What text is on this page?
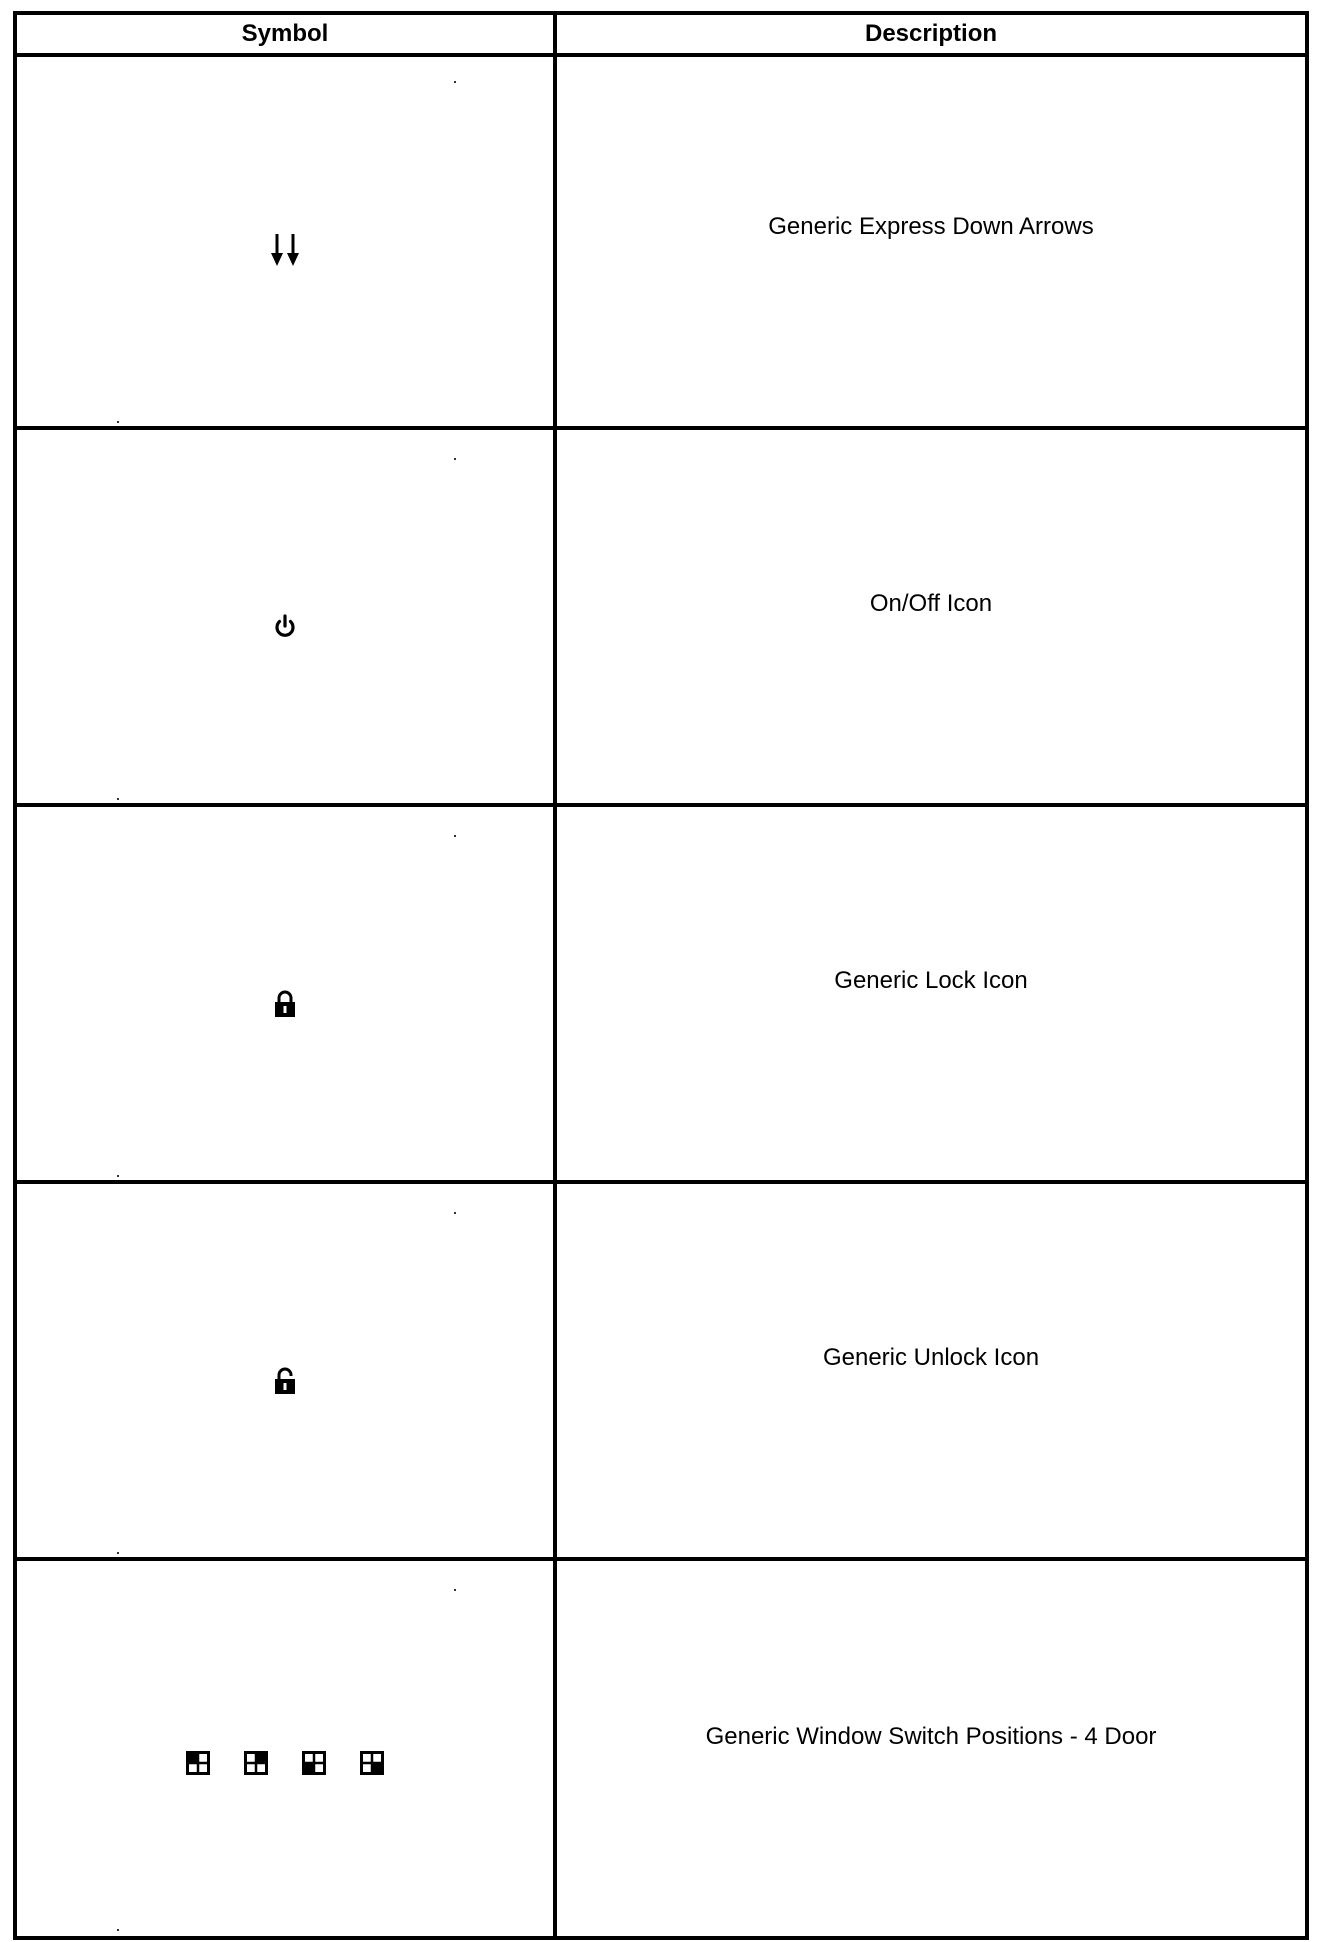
Symbol	Description
Generic Express Down Arrows
On/Off Icon
Generic Lock Icon
Generic Unlock Icon
Generic Window Switch Positions - 4 Door
